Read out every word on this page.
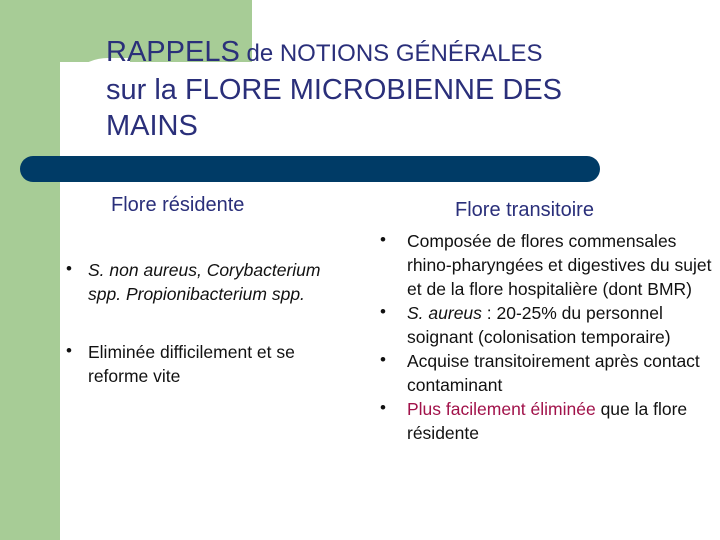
RAPPELS de NOTIONS GÉNÉRALES
sur la FLORE MICROBIENNE DES
MAINS
Flore résidente	Flore transitoire
• S. non aureus, Corybacterium spp. Propionibacterium spp.
• Eliminée difficilement et se reforme vite
• Composée de flores commensales rhino-pharyngées et digestives du sujet et de la flore hospitalière (dont BMR)
• S. aureus : 20-25% du personnel soignant (colonisation temporaire)
• Acquise transitoirement après contact contaminant
• Plus facilement éliminée que la flore résidente
